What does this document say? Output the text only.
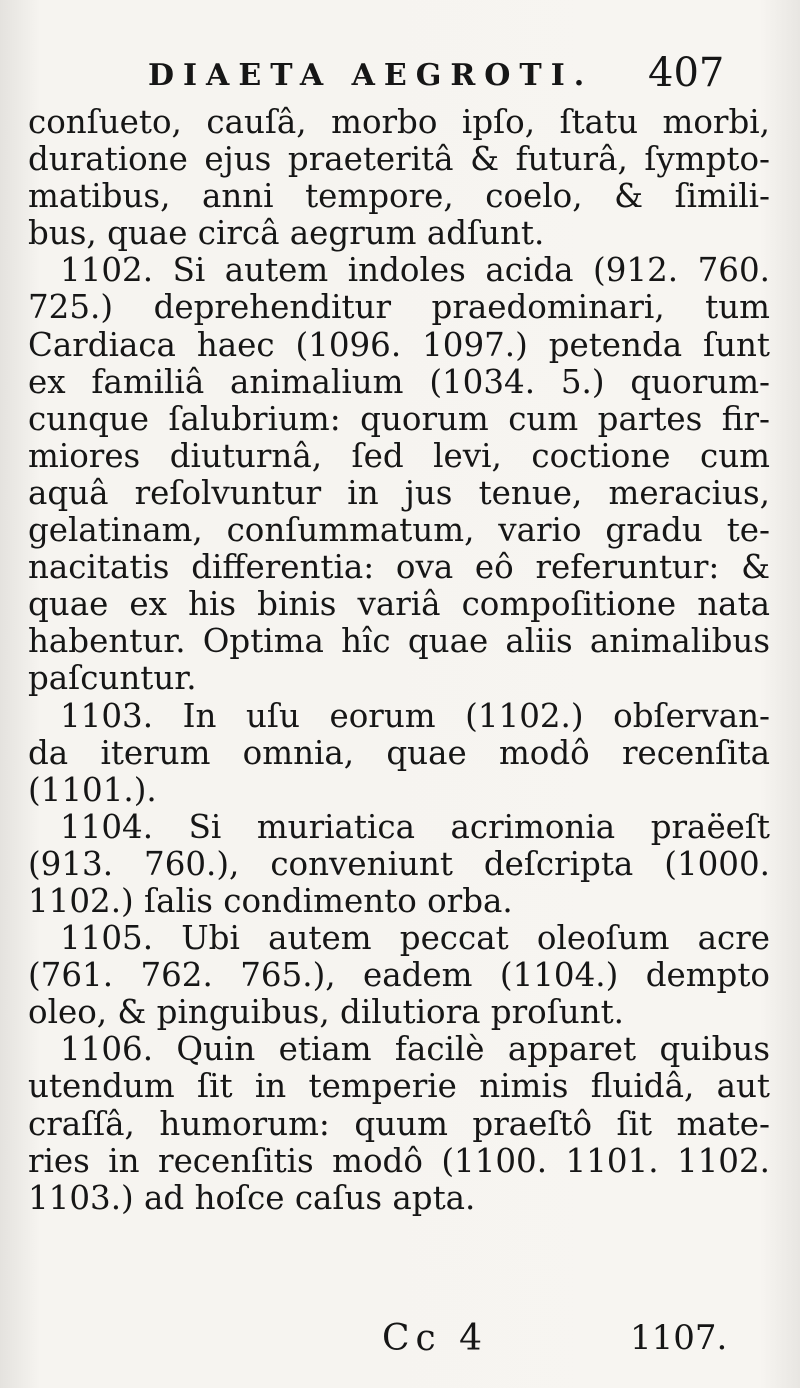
DIAETA AEGROTI. 407
conſueto, cauſâ, morbo ipſo, ſtatu morbi,
duratione ejus praeteritâ & futurâ, ſympto-
matibus, anni tempore, coelo, & ſimili-
bus, quae circâ aegrum adſunt.
1102. Si autem indoles acida (912. 760.
725.) deprehenditur praedominari, tum
Cardiaca haec (1096. 1097.) petenda ſunt
ex familiâ animalium (1034. 5.) quorum-
cunque ſalubrium: quorum cum partes fir-
miores diuturnâ, ſed levi, coctione cum
aquâ reſolvuntur in jus tenue, meracius,
gelatinam, conſummatum, vario gradu te-
nacitatis differentia: ova eô referuntur: &
quae ex his binis variâ compoſitione nata
habentur. Optima hîc quae aliis animalibus
paſcuntur.
1103. In uſu eorum (1102.) obſervan-
da iterum omnia, quae modô recenſita
(1101.).
1104. Si muriatica acrimonia praëeſt
(913. 760.), conveniunt deſcripta (1000.
1102.) ſalis condimento orba.
1105. Ubi autem peccat oleoſum acre
(761. 762. 765.), eadem (1104.) dempto
oleo, & pinguibus, dilutiora proſunt.
1106. Quin etiam facilè apparet quibus
utendum ſit in temperie nimis fluidâ, aut
craſſâ, humorum: quum praeſtô ſit mate-
ries in recenſitis modô (1100. 1101. 1102.
1103.) ad hoſce caſus apta.
Cc 4	1107.
